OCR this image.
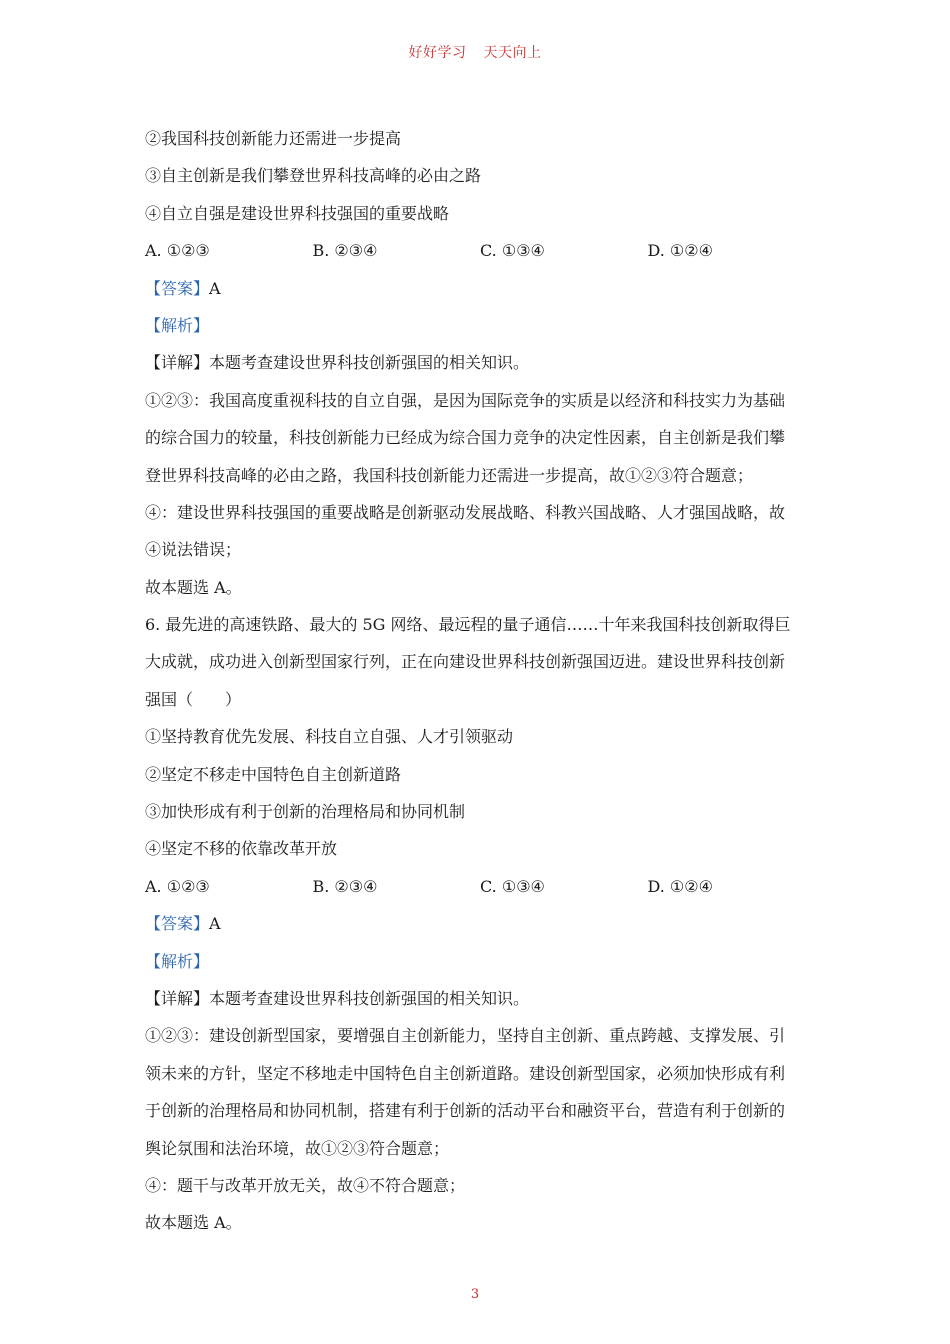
好好学习 天天向上
②我国科技创新能力还需进一步提高
③自主创新是我们攀登世界科技高峰的必由之路
④自立自强是建设世界科技强国的重要战略
A. ①②③	B. ②③④	C. ①③④	D. ①②④
【答案】A
【解析】
【详解】本题考查建设世界科技创新强国的相关知识。
①②③：我国高度重视科技的自立自强，是因为国际竞争的实质是以经济和科技实力为基础
的综合国力的较量，科技创新能力已经成为综合国力竞争的决定性因素，自主创新是我们攀
登世界科技高峰的必由之路，我国科技创新能力还需进一步提高，故①②③符合题意；
④：建设世界科技强国的重要战略是创新驱动发展战略、科教兴国战略、人才强国战略，故
④说法错误；
故本题选 A。
6. 最先进的高速铁路、最大的 5G 网络、最远程的量子通信……十年来我国科技创新取得巨
大成就，成功进入创新型国家行列，正在向建设世界科技创新强国迈进。建设世界科技创新
强国（　　）
①坚持教育优先发展、科技自立自强、人才引领驱动
②坚定不移走中国特色自主创新道路
③加快形成有利于创新的治理格局和协同机制
④坚定不移的依靠改革开放
A. ①②③	B. ②③④	C. ①③④	D. ①②④
【答案】A
【解析】
【详解】本题考查建设世界科技创新强国的相关知识。
①②③：建设创新型国家，要增强自主创新能力，坚持自主创新、重点跨越、支撑发展、引
领未来的方针，坚定不移地走中国特色自主创新道路。建设创新型国家，必须加快形成有利
于创新的治理格局和协同机制，搭建有利于创新的活动平台和融资平台，营造有利于创新的
舆论氛围和法治环境，故①②③符合题意；
④：题干与改革开放无关，故④不符合题意；
故本题选 A。
3
